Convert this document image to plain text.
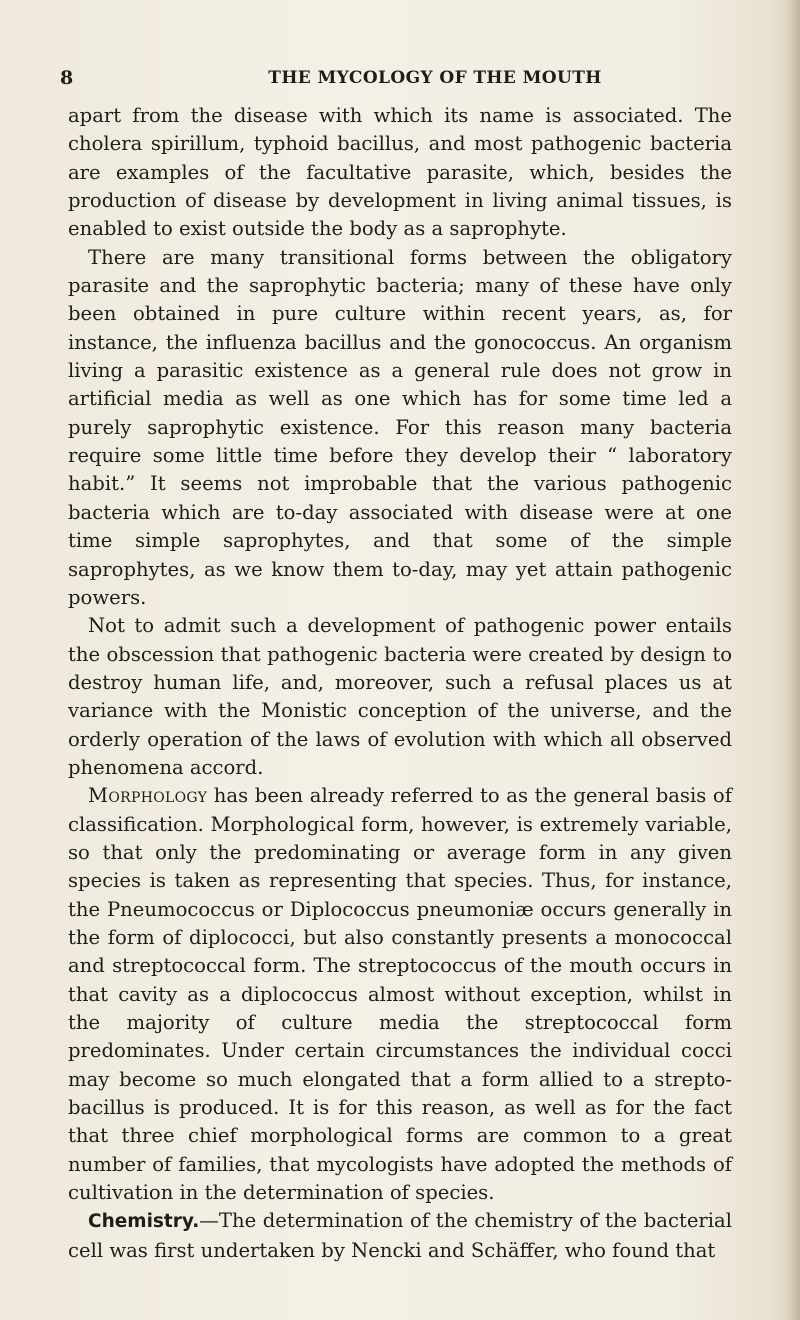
8	THE MYCOLOGY OF THE MOUTH

apart from the disease with which its name is associated. The cholera spirillum, typhoid bacillus, and most pathogenic bacteria are examples of the facultative parasite, which, besides the production of disease by development in living animal tissues, is enabled to exist outside the body as a saprophyte.

There are many transitional forms between the obligatory parasite and the saprophytic bacteria; many of these have only been obtained in pure culture within recent years, as, for instance, the influenza bacillus and the gonococcus. An organism living a parasitic existence as a general rule does not grow in artificial media as well as one which has for some time led a purely saprophytic existence. For this reason many bacteria require some little time before they develop their “ laboratory habit.” It seems not improbable that the various pathogenic bacteria which are to-day associated with disease were at one time simple saprophytes, and that some of the simple saprophytes, as we know them to-day, may yet attain pathogenic powers.

Not to admit such a development of pathogenic power entails the obscession that pathogenic bacteria were created by design to destroy human life, and, moreover, such a refusal places us at variance with the Monistic conception of the universe, and the orderly operation of the laws of evolution with which all observed phenomena accord.

Morphology has been already referred to as the general basis of classification. Morphological form, however, is extremely variable, so that only the predominating or average form in any given species is taken as representing that species. Thus, for instance, the Pneumococcus or Diplococcus pneumoniæ occurs generally in the form of diplococci, but also constantly presents a monococcal and streptococcal form. The streptococcus of the mouth occurs in that cavity as a diplococcus almost without exception, whilst in the majority of culture media the streptococcal form predominates. Under certain circumstances the individual cocci may become so much elongated that a form allied to a strepto-bacillus is produced. It is for this reason, as well as for the fact that three chief morphological forms are common to a great number of families, that mycologists have adopted the methods of cultivation in the determination of species.

Chemistry.—The determination of the chemistry of the bacterial cell was first undertaken by Nencki and Schäffer, who found that
